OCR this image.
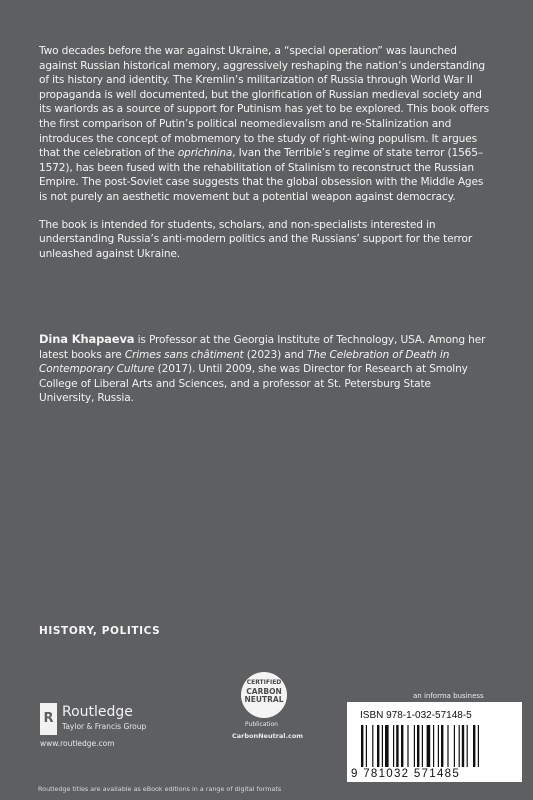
Two decades before the war against Ukraine, a “special operation” was launched against Russian historical memory, aggressively reshaping the nation’s understanding of its history and identity. The Kremlin’s militarization of Russia through World War II propaganda is well documented, but the glorification of Russian medieval society and its warlords as a source of support for Putinism has yet to be explored. This book offers the first comparison of Putin’s political neomedievalism and re-Stalinization and introduces the concept of mobmemory to the study of right-wing populism. It argues that the celebration of the oprichnina, Ivan the Terrible’s regime of state terror (1565–1572), has been fused with the rehabilitation of Stalinism to reconstruct the Russian Empire. The post-Soviet case suggests that the global obsession with the Middle Ages is not purely an aesthetic movement but a potential weapon against democracy.

The book is intended for students, scholars, and non-specialists interested in understanding Russia’s anti-modern politics and the Russians’ support for the terror unleashed against Ukraine.

Dina Khapaeva is Professor at the Georgia Institute of Technology, USA. Among her latest books are Crimes sans châtiment (2023) and The Celebration of Death in Contemporary Culture (2017). Until 2009, she was Director for Research at Smolny College of Liberal Arts and Sciences, and a professor at St. Petersburg State University, Russia.
HISTORY, POLITICS
R Routledge
Taylor & Francis Group
www.routledge.com
CERTIFIED
CARBON NEUTRAL
Publication
CarbonNeutral.com
an informa business
ISBN 978-1-032-57148-5
9 781032 571485
Routledge titles are available as eBook editions in a range of digital formats
